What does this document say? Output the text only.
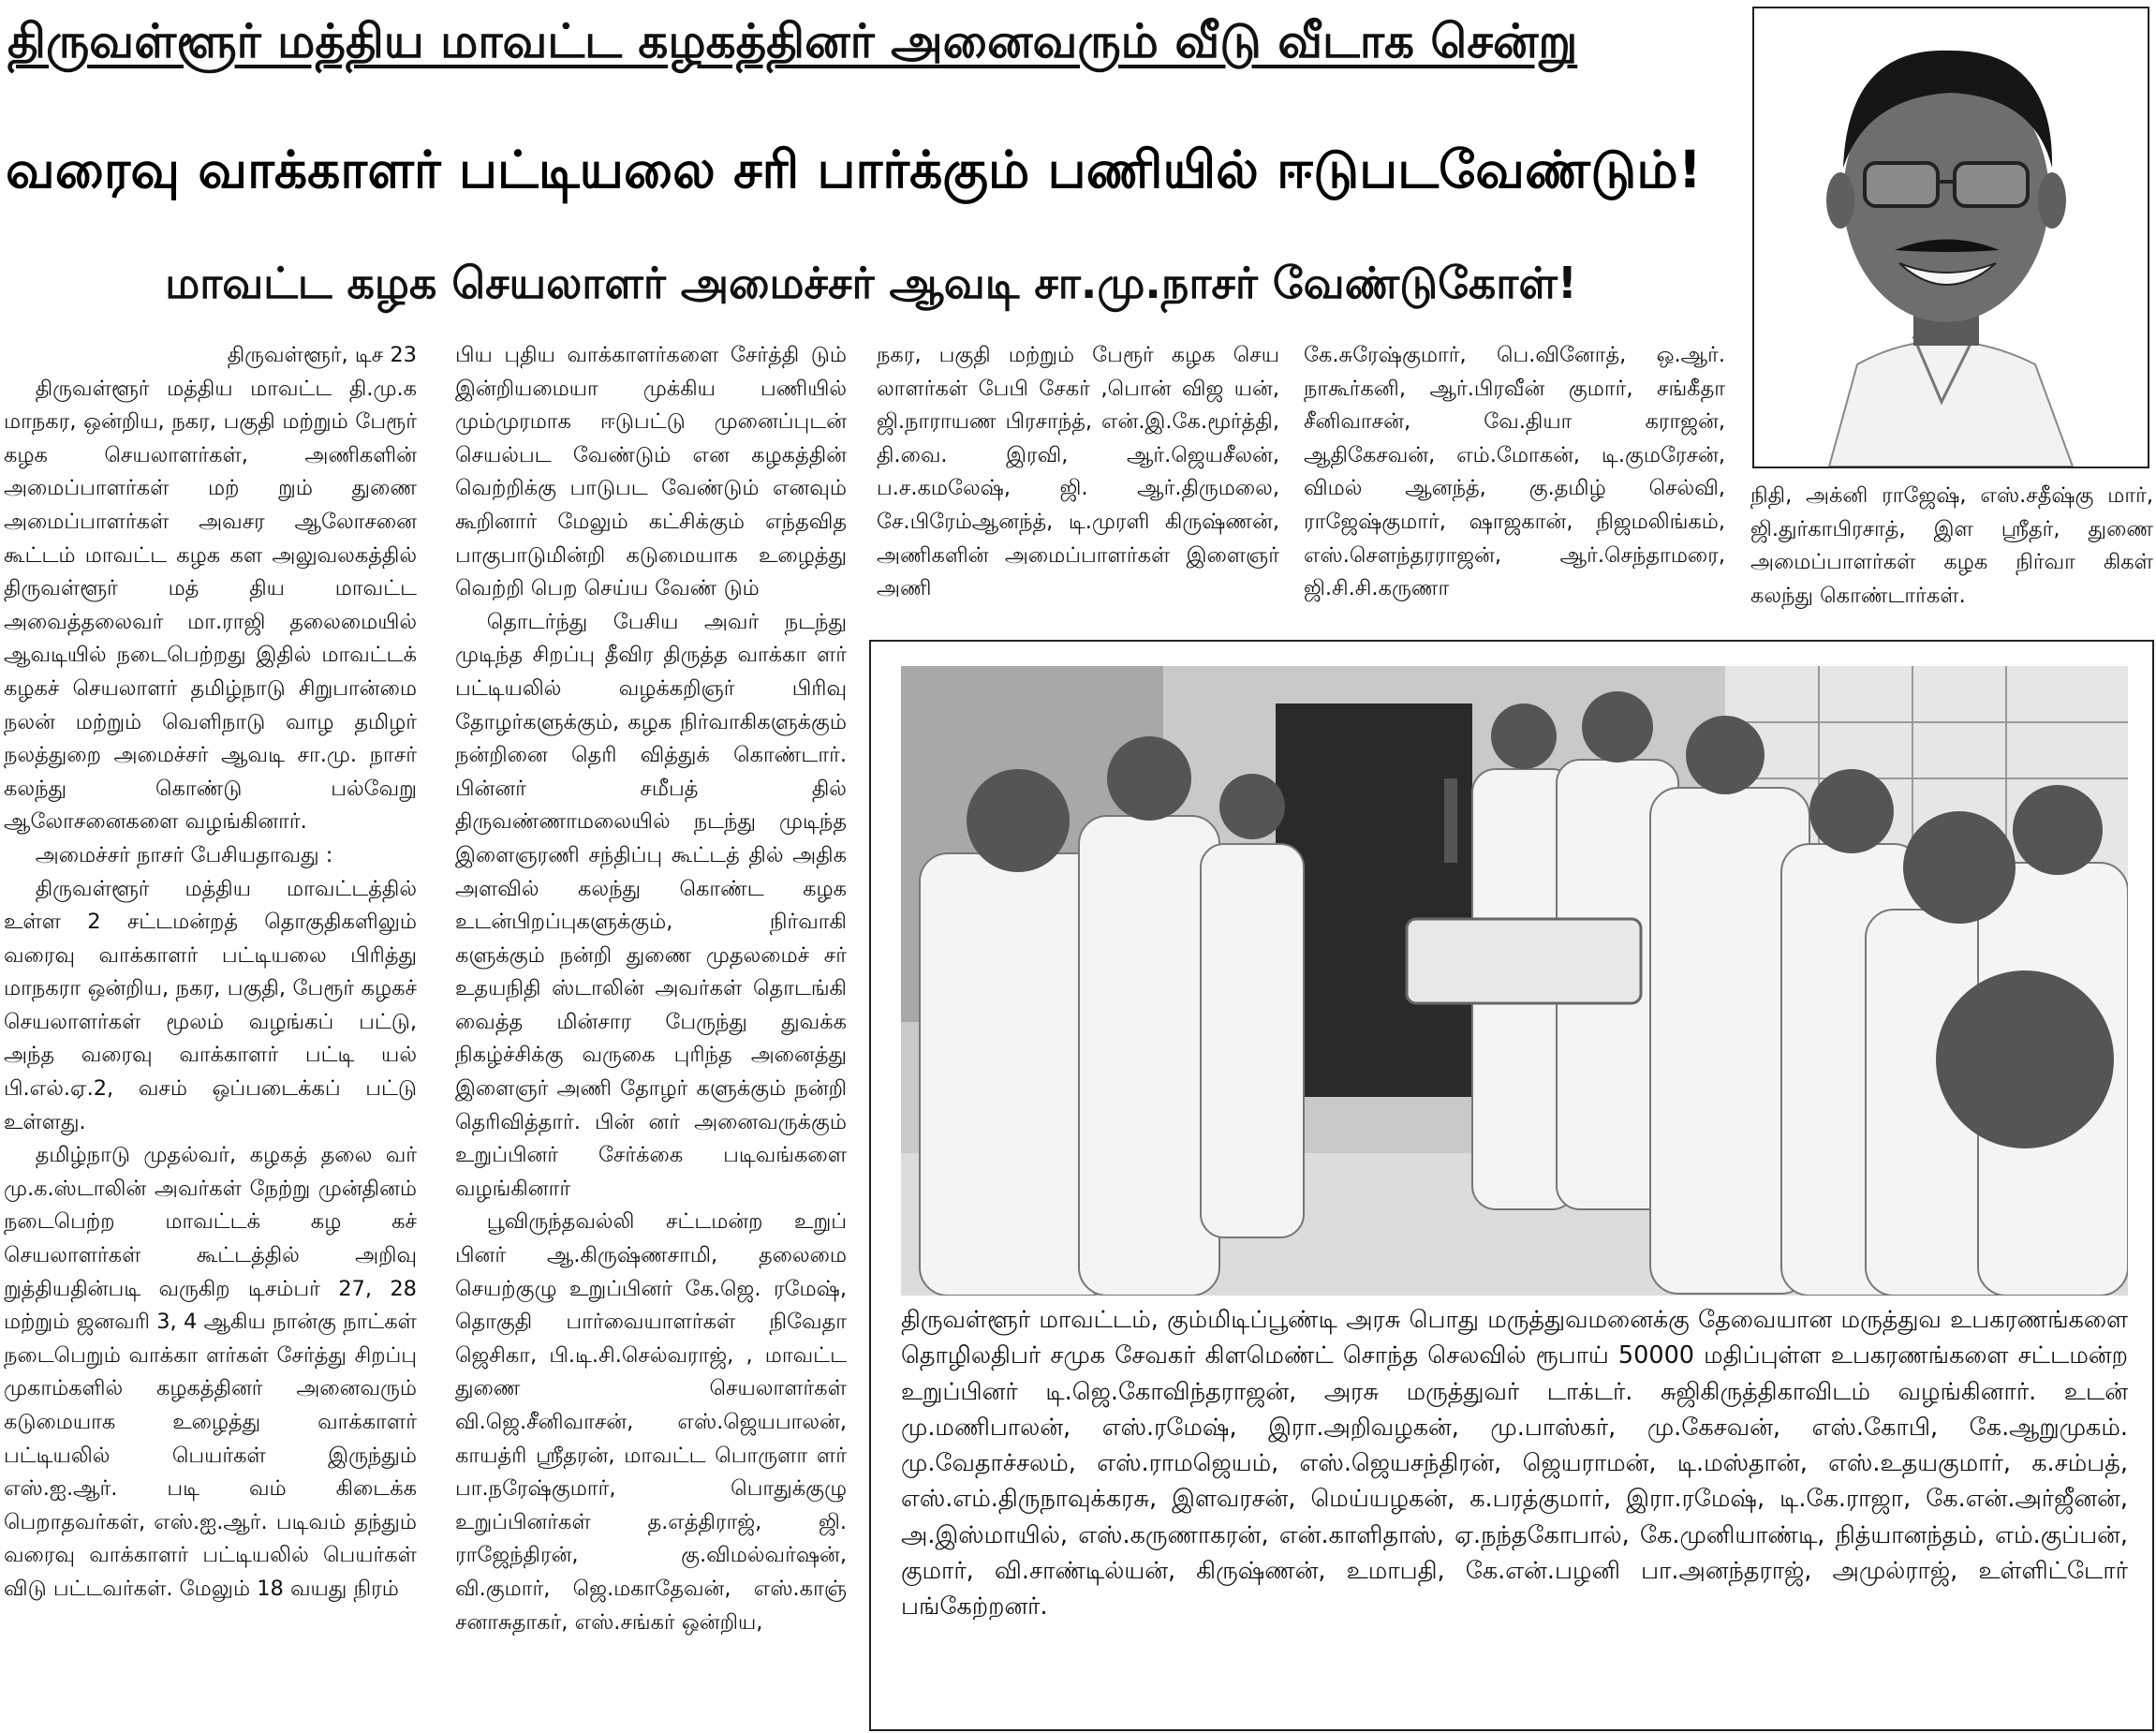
திருவள்ளூர் மத்திய மாவட்ட கழகத்தினர் அனைவரும் வீடு வீடாக சென்று
வரைவு வாக்காளர் பட்டியலை சரி பார்க்கும் பணியில் ஈடுபடவேண்டும்!
மாவட்ட கழக செயலாளர் அமைச்சர் ஆவடி சா.மு.நாசர் வேண்டுகோள்!
திருவள்ளூர், டிச 23

திருவள்ளூர் மத்திய மாவட்ட தி.மு.க மாநகர, ஒன்றிய, நகர, பகுதி மற்றும் பேரூர் கழக செயலாளர்கள், அணிகளின் அமைப்பாளர்கள் மற் றும் துணை அமைப்பாளர்கள் அவசர ஆலோசனை கூட்டம் மாவட்ட கழக கள அலுவலகத்தில் திருவள்ளூர் மத் திய மாவட்ட அவைத்தலைவர் மா.ராஜி தலைமையில் ஆவடியில் நடைபெற்றது இதில் மாவட்டக் கழகச் செயலாளர் தமிழ்நாடு சிறுபான்மை நலன் மற்றும் வெளிநாடு வாழ தமிழர் நலத்துறை அமைச்சர் ஆவடி சா.மு. நாசர் கலந்து கொண்டு பல்வேறு ஆலோசனைகளை வழங்கினார்.

அமைச்சர் நாசர் பேசியதாவது :

திருவள்ளூர் மத்திய மாவட்டத்தில் உள்ள 2 சட்டமன்றத் தொகுதிகளிலும் வரைவு வாக்காளர் பட்டியலை பிரித்து மாநகரா ஒன்றிய, நகர, பகுதி, பேரூர் கழகச் செயலாளர்கள் மூலம் வழங்கப் பட்டு, அந்த வரைவு வாக்காளர் பட்டி யல் பி.எல்.ஏ.2, வசம் ஒப்படைக்கப் பட்டு உள்ளது.

தமிழ்நாடு முதல்வர், கழகத் தலை வர் மு.க.ஸ்டாலின் அவர்கள் நேற்று முன்தினம் நடைபெற்ற மாவட்டக் கழ கச் செயலாளர்கள் கூட்டத்தில் அறிவு றுத்தியதின்படி வருகிற டிசம்பர் 27, 28 மற்றும் ஜனவரி 3, 4 ஆகிய நான்கு நாட்கள் நடைபெறும் வாக்கா ளர்கள் சேர்த்து சிறப்பு முகாம்களில் கழகத்தினர் அனைவரும் கடுமையாக உழைத்து வாக்காளர் பட்டியலில் பெயர்கள் இருந்தும் எஸ்.ஐ.ஆர். படி வம் கிடைக்க பெறாதவர்கள், எஸ்.ஐ.ஆர். படிவம் தந்தும் வரைவு வாக்காளர் பட்டியலில் பெயர்கள் விடு பட்டவர்கள். மேலும் 18 வயது நிரம்

பிய புதிய வாக்காளர்களை சேர்த்தி டும் இன்றியமையா முக்கிய பணியில் மும்முரமாக ஈடுபட்டு முனைப்புடன் செயல்பட வேண்டும் என கழகத்தின் வெற்றிக்கு பாடுபட வேண்டும் எனவும் கூறினார் மேலும் கட்சிக்கும் எந்தவித பாகுபாடுமின்றி கடுமையாக உழைத்து வெற்றி பெற செய்ய வேண் டும்

தொடர்ந்து பேசிய அவர் நடந்து முடிந்த சிறப்பு தீவிர திருத்த வாக்கா ளர் பட்டியலில் வழக்கறிஞர் பிரிவு தோழர்களுக்கும், கழக நிர்வாகிகளுக்கும் நன்றினை தெரி வித்துக் கொண்டார். பின்னர் சமீபத் தில் திருவண்ணாமலையில் நடந்து முடிந்த இளைஞரணி சந்திப்பு கூட்டத் தில் அதிக அளவில் கலந்து கொண்ட கழக உடன்பிறப்புகளுக்கும், நிர்வாகி களுக்கும் நன்றி துணை முதலமைச் சர் உதயநிதி ஸ்டாலின் அவர்கள் தொடங்கி வைத்த மின்சார பேருந்து துவக்க நிகழ்ச்சிக்கு வருகை புரிந்த அனைத்து இளைஞர் அணி தோழர் களுக்கும் நன்றி தெரிவித்தார். பின் னர் அனைவருக்கும் உறுப்பினர் சேர்க்கை படிவங்களை வழங்கினார்

பூவிருந்தவல்லி சட்டமன்ற உறுப் பினர் ஆ.கிருஷ்ணசாமி, தலைமை செயற்குழு உறுப்பினர் கே.ஜெ. ரமேஷ், தொகுதி பார்வையாளர்கள் நிவேதா ஜெசிகா, பி.டி.சி.செல்வராஜ், , மாவட்ட துணை செயலாளர்கள் வி.ஜெ.சீனிவாசன், எஸ்.ஜெயபாலன், காயத்ரி ஸ்ரீதரன், மாவட்ட பொருளா ளர் பா.நரேஷ்குமார், பொதுக்குழு உறுப்பினர்கள் த.எத்திராஜ், ஜி. ராஜேந்திரன், கு.விமல்வர்ஷன், வி.குமார், ஜெ.மகாதேவன், எஸ்.காஞ் சனாசுதாகர், எஸ்.சங்கர் ஒன்றிய,

நகர, பகுதி மற்றும் பேரூர் கழக செய லாளர்கள் பேபி சேகர் ,பொன் விஜ யன், ஜி.நாராயண பிரசாந்த், என்.இ.கே.மூர்த்தி, தி.வை. இரவி, ஆர்.ஜெயசீலன், ப.ச.கமலேஷ், ஜி. ஆர்.திருமலை, சே.பிரேம்ஆனந்த், டி.முரளி கிருஷ்ணன், அணிகளின் அமைப்பாளர்கள் இளைஞர் அணி

கே.சுரேஷ்குமார், பெ.வினோத், ஒ.ஆர். நாகூர்கனி, ஆர்.பிரவீன் குமார், சங்கீதா சீனிவாசன், வே.தியா கராஜன், ஆதிகேசவன், எம்.மோகன், டி.குமரேசன், விமல் ஆனந்த், கு.தமிழ் செல்வி, ராஜேஷ்குமார், ஷாஜகான், நிஜமலிங்கம், எஸ்.சௌந்தரராஜன், ஆர்.செந்தாமரை, ஜி.சி.சி.கருணா

நிதி, அக்னி ராஜேஷ், எஸ்.சதீஷ்கு மார், ஜி.துர்காபிரசாத், இள ஸ்ரீதர், துணை அமைப்பாளர்கள் கழக நிர்வா கிகள் கலந்து கொண்டார்கள்.

திருவள்ளூர் மாவட்டம், கும்மிடிப்பூண்டி அரசு பொது மருத்துவமனைக்கு தேவையான மருத்துவ உபகரணங்களை தொழிலதிபர் சமுக சேவகர் கிளமெண்ட் சொந்த செலவில் ரூபாய் 50000 மதிப்புள்ள உபகரணங்களை சட்டமன்ற உறுப்பினர் டி.ஜெ.கோவிந்தராஜன், அரசு மருத்துவர் டாக்டர். சுஜிகிருத்திகாவிடம் வழங்கினார். உடன் மு.மணிபாலன், எஸ்.ரமேஷ், இரா.அறிவழகன், மு.பாஸ்கர், மு.கேசவன், எஸ்.கோபி, கே.ஆறுமுகம். மு.வேதாச்சலம், எஸ்.ராமஜெயம், எஸ்.ஜெயசந்திரன், ஜெயராமன், டி.மஸ்தான், எஸ்.உதயகுமார், க.சம்பத், எஸ்.எம்.திருநாவுக்கரசு, இளவரசன், மெய்யழகன், க.பரத்குமார், இரா.ரமேஷ், டி.கே.ராஜா, கே.என்.அர்ஜீனன், அ.இஸ்மாயில், எஸ்.கருணாகரன், என்.காளிதாஸ், ஏ.நந்தகோபால், கே.முனியாண்டி, நித்யானந்தம், எம்.குப்பன், குமார், வி.சாண்டில்யன், கிருஷ்ணன், உமாபதி, கே.என்.பழனி பா.அனந்தராஜ், அமுல்ராஜ், உள்ளிட்டோர் பங்கேற்றனர்.
